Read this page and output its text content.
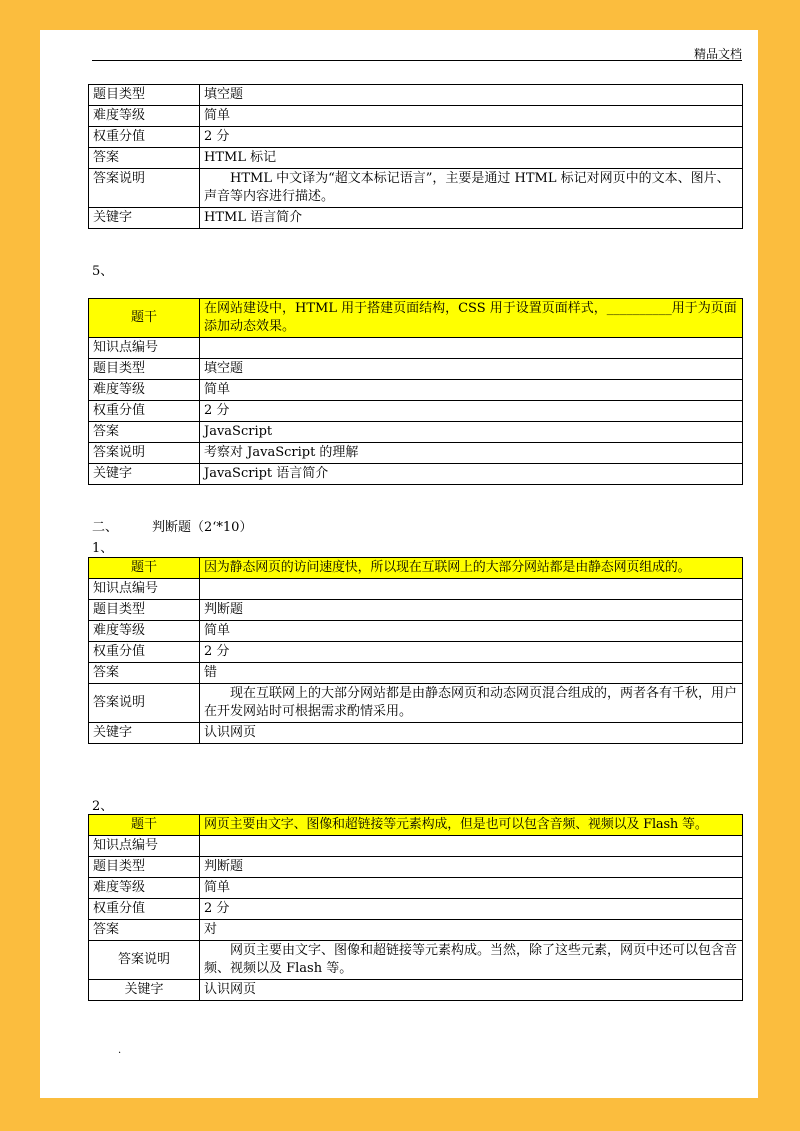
精品文档
题目类型	填空题
难度等级	简单
权重分值	2 分
答案	HTML 标记
答案说明	HTML 中文译为“超文本标记语言”，主要是通过 HTML 标记对网页中的文本、图片、声音等内容进行描述。
关键字	HTML 语言简介
5、
题干	在网站建设中，HTML 用于搭建页面结构，CSS 用于设置页面样式，__________用于为页面添加动态效果。
知识点编号	
题目类型	填空题
难度等级	简单
权重分值	2 分
答案	JavaScript
答案说明	考察对 JavaScript 的理解
关键字	JavaScript 语言简介
二、	判断题（2‘*10）
1、
题干	因为静态网页的访问速度快，所以现在互联网上的大部分网站都是由静态网页组成的。
知识点编号	
题目类型	判断题
难度等级	简单
权重分值	2 分
答案	错
答案说明	现在互联网上的大部分网站都是由静态网页和动态网页混合组成的，两者各有千秋，用户在开发网站时可根据需求酌情采用。
关键字	认识网页
2、
题干	网页主要由文字、图像和超链接等元素构成，但是也可以包含音频、视频以及 Flash 等。
知识点编号	
题目类型	判断题
难度等级	简单
权重分值	2 分
答案	对
答案说明	网页主要由文字、图像和超链接等元素构成。当然，除了这些元素，网页中还可以包含音频、视频以及 Flash 等。
关键字	认识网页
.
